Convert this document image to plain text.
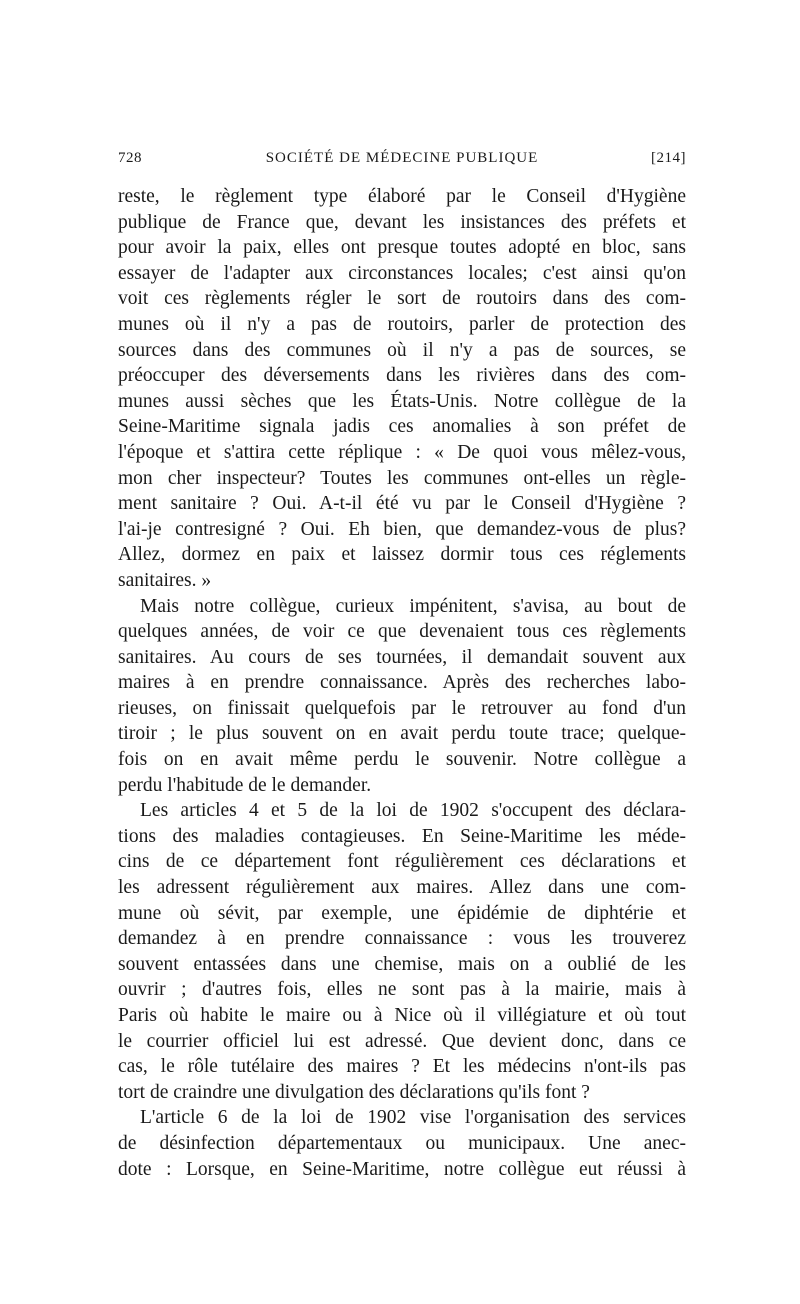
728	SOCIÉTÉ DE MÉDECINE PUBLIQUE	[214]
reste, le règlement type élaboré par le Conseil d'Hygiène
publique de France que, devant les insistances des préfets et
pour avoir la paix, elles ont presque toutes adopté en bloc, sans
essayer de l'adapter aux circonstances locales; c'est ainsi qu'on
voit ces règlements régler le sort de routoirs dans des com-
munes où il n'y a pas de routoirs, parler de protection des
sources dans des communes où il n'y a pas de sources, se
préoccuper des déversements dans les rivières dans des com-
munes aussi sèches que les États-Unis. Notre collègue de la
Seine-Maritime signala jadis ces anomalies à son préfet de
l'époque et s'attira cette réplique : « De quoi vous mêlez-vous,
mon cher inspecteur? Toutes les communes ont-elles un règle-
ment sanitaire ? Oui. A-t-il été vu par le Conseil d'Hygiène ?
l'ai-je contresigné ? Oui. Eh bien, que demandez-vous de plus?
Allez, dormez en paix et laissez dormir tous ces réglements
sanitaires. »
Mais notre collègue, curieux impénitent, s'avisa, au bout de
quelques années, de voir ce que devenaient tous ces règlements
sanitaires. Au cours de ses tournées, il demandait souvent aux
maires à en prendre connaissance. Après des recherches labo-
rieuses, on finissait quelquefois par le retrouver au fond d'un
tiroir ; le plus souvent on en avait perdu toute trace; quelque-
fois on en avait même perdu le souvenir. Notre collègue a
perdu l'habitude de le demander.
Les articles 4 et 5 de la loi de 1902 s'occupent des déclara-
tions des maladies contagieuses. En Seine-Maritime les méde-
cins de ce département font régulièrement ces déclarations et
les adressent régulièrement aux maires. Allez dans une com-
mune où sévit, par exemple, une épidémie de diphtérie et
demandez à en prendre connaissance : vous les trouverez
souvent entassées dans une chemise, mais on a oublié de les
ouvrir ; d'autres fois, elles ne sont pas à la mairie, mais à
Paris où habite le maire ou à Nice où il villégiature et où tout
le courrier officiel lui est adressé. Que devient donc, dans ce
cas, le rôle tutélaire des maires ? Et les médecins n'ont-ils pas
tort de craindre une divulgation des déclarations qu'ils font ?
L'article 6 de la loi de 1902 vise l'organisation des services
de désinfection départementaux ou municipaux. Une anec-
dote : Lorsque, en Seine-Maritime, notre collègue eut réussi à
